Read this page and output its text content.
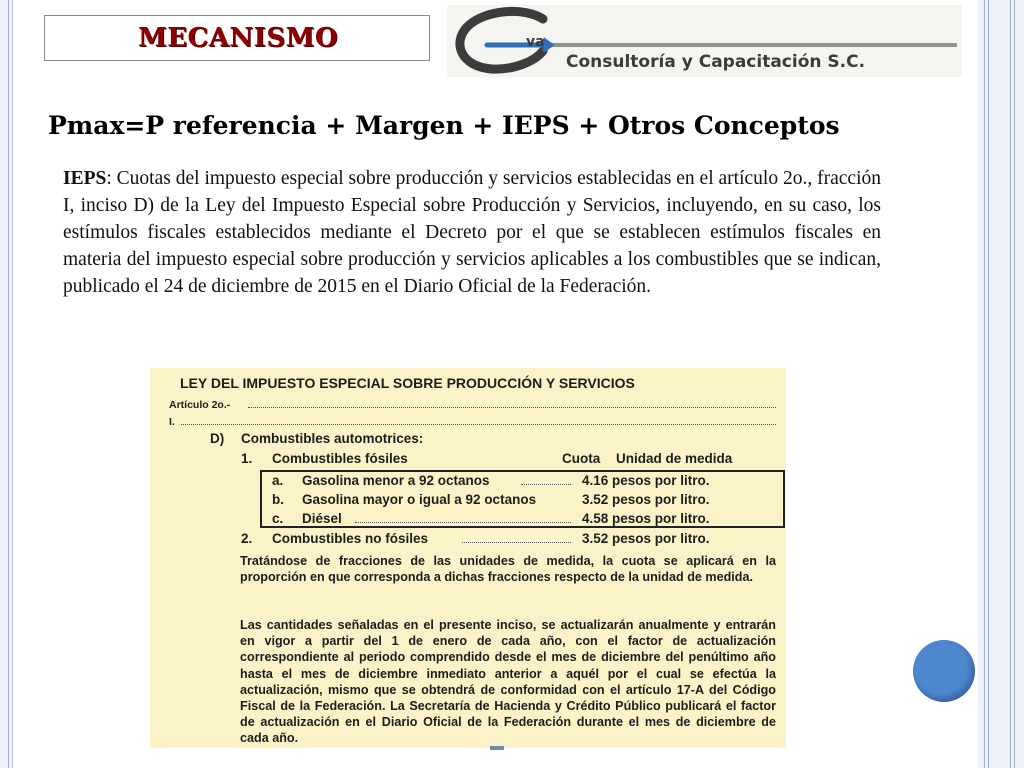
MECANISMO	va
Consultoría y Capacitación S.C.
Pmax=P referencia + Margen + IEPS + Otros Conceptos
IEPS: Cuotas del impuesto especial sobre producción y servicios establecidas en el artículo 2o., fracción I, inciso D) de la Ley del Impuesto Especial sobre Producción y Servicios, incluyendo, en su caso, los estímulos fiscales establecidos mediante el Decreto por el que se establecen estímulos fiscales en materia del impuesto especial sobre producción y servicios aplicables a los combustibles que se indican, publicado el 24 de diciembre de 2015 en el Diario Oficial de la Federación.
LEY DEL IMPUESTO ESPECIAL SOBRE PRODUCCIÓN Y SERVICIOS
Artículo 2o.-
I.
D) Combustibles automotrices:
1. Combustibles fósiles	Cuota Unidad de medida
a. Gasolina menor a 92 octanos	4.16 pesos por litro.
b. Gasolina mayor o igual a 92 octanos	3.52 pesos por litro.
c. Diésel	4.58 pesos por litro.
2. Combustibles no fósiles	3.52 pesos por litro.
Tratándose de fracciones de las unidades de medida, la cuota se aplicará en la proporción en que corresponda a dichas fracciones respecto de la unidad de medida.
Las cantidades señaladas en el presente inciso, se actualizarán anualmente y entrarán en vigor a partir del 1 de enero de cada año, con el factor de actualización correspondiente al periodo comprendido desde el mes de diciembre del penúltimo año hasta el mes de diciembre inmediato anterior a aquél por el cual se efectúa la actualización, mismo que se obtendrá de conformidad con el artículo 17-A del Código Fiscal de la Federación. La Secretaría de Hacienda y Crédito Público publicará el factor de actualización en el Diario Oficial de la Federación durante el mes de diciembre de cada año.
